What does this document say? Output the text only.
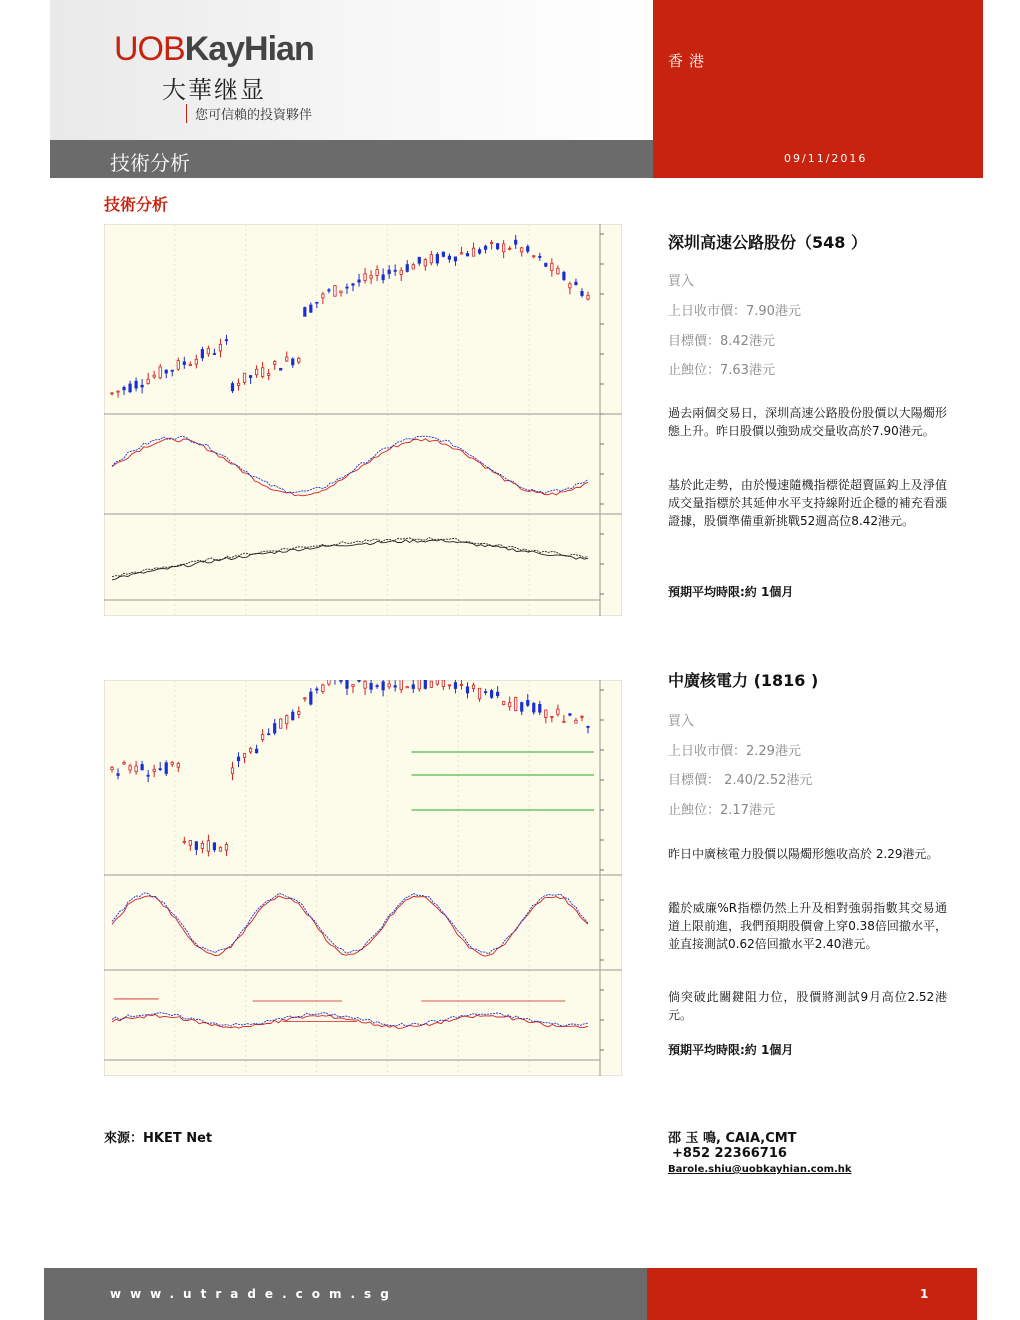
UOBKayHian
大華继显
您可信賴的投資夥伴
香港
技術分析	09/11/2016
技術分析
深圳高速公路股份（548 ）
買入
上日收市價：7.90港元
目標價：8.42港元
止蝕位：7.63港元
過去兩個交易日，深圳高速公路股份股價以大陽燭形態上升。昨日股價以強勁成交量收高於7.90港元。
基於此走勢，由於慢速隨機指標從超賣區鈎上及淨值成交量指標於其延伸水平支持線附近企穩的補充看漲證據，股價準備重新挑戰52週高位8.42港元。
預期平均時限:約 1個月
中廣核電力 (1816 )
買入
上日收市價：2.29港元
目標價： 2.40/2.52港元
止蝕位：2.17港元
昨日中廣核電力股價以陽燭形態收高於 2.29港元。
鑑於威廉%R指標仍然上升及相對強弱指數其交易通道上限前進，我們預期股價會上穿0.38倍回撤水平，並直接測試0.62倍回撤水平2.40港元。
倘突破此關鍵阻力位，股價將測試9月高位2.52港元。
預期平均時限:約 1個月
來源：HKET Net	邵 玉 鳴, CAIA,CMT
+852 22366716
Barole.shiu@uobkayhian.com.hk
www.utrade.com.sg	1
